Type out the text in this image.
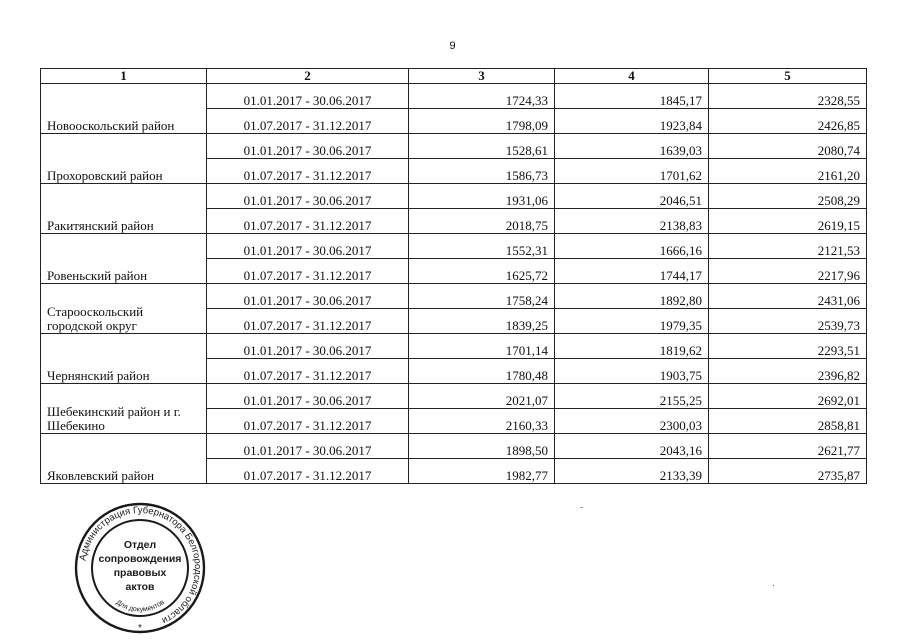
9
1	2	3	4	5
Новооскольский район	01.01.2017 - 30.06.2017	1724,33	1845,17	2328,55
	01.07.2017 - 31.12.2017	1798,09	1923,84	2426,85
Прохоровский район	01.01.2017 - 30.06.2017	1528,61	1639,03	2080,74
	01.07.2017 - 31.12.2017	1586,73	1701,62	2161,20
Ракитянский район	01.01.2017 - 30.06.2017	1931,06	2046,51	2508,29
	01.07.2017 - 31.12.2017	2018,75	2138,83	2619,15
Ровеньский район	01.01.2017 - 30.06.2017	1552,31	1666,16	2121,53
	01.07.2017 - 31.12.2017	1625,72	1744,17	2217,96
Старооскольский городской округ	01.01.2017 - 30.06.2017	1758,24	1892,80	2431,06
	01.07.2017 - 31.12.2017	1839,25	1979,35	2539,73
Чернянский район	01.01.2017 - 30.06.2017	1701,14	1819,62	2293,51
	01.07.2017 - 31.12.2017	1780,48	1903,75	2396,82
Шебекинский район и г. Шебекино	01.01.2017 - 30.06.2017	2021,07	2155,25	2692,01
	01.07.2017 - 31.12.2017	2160,33	2300,03	2858,81
Яковлевский район	01.01.2017 - 30.06.2017	1898,50	2043,16	2621,77
	01.07.2017 - 31.12.2017	1982,77	2133,39	2735,87
Администрация Губернатора Белгородской области
Для документов
*
Отдел
сопровождения
правовых
актов
ˉ
.
